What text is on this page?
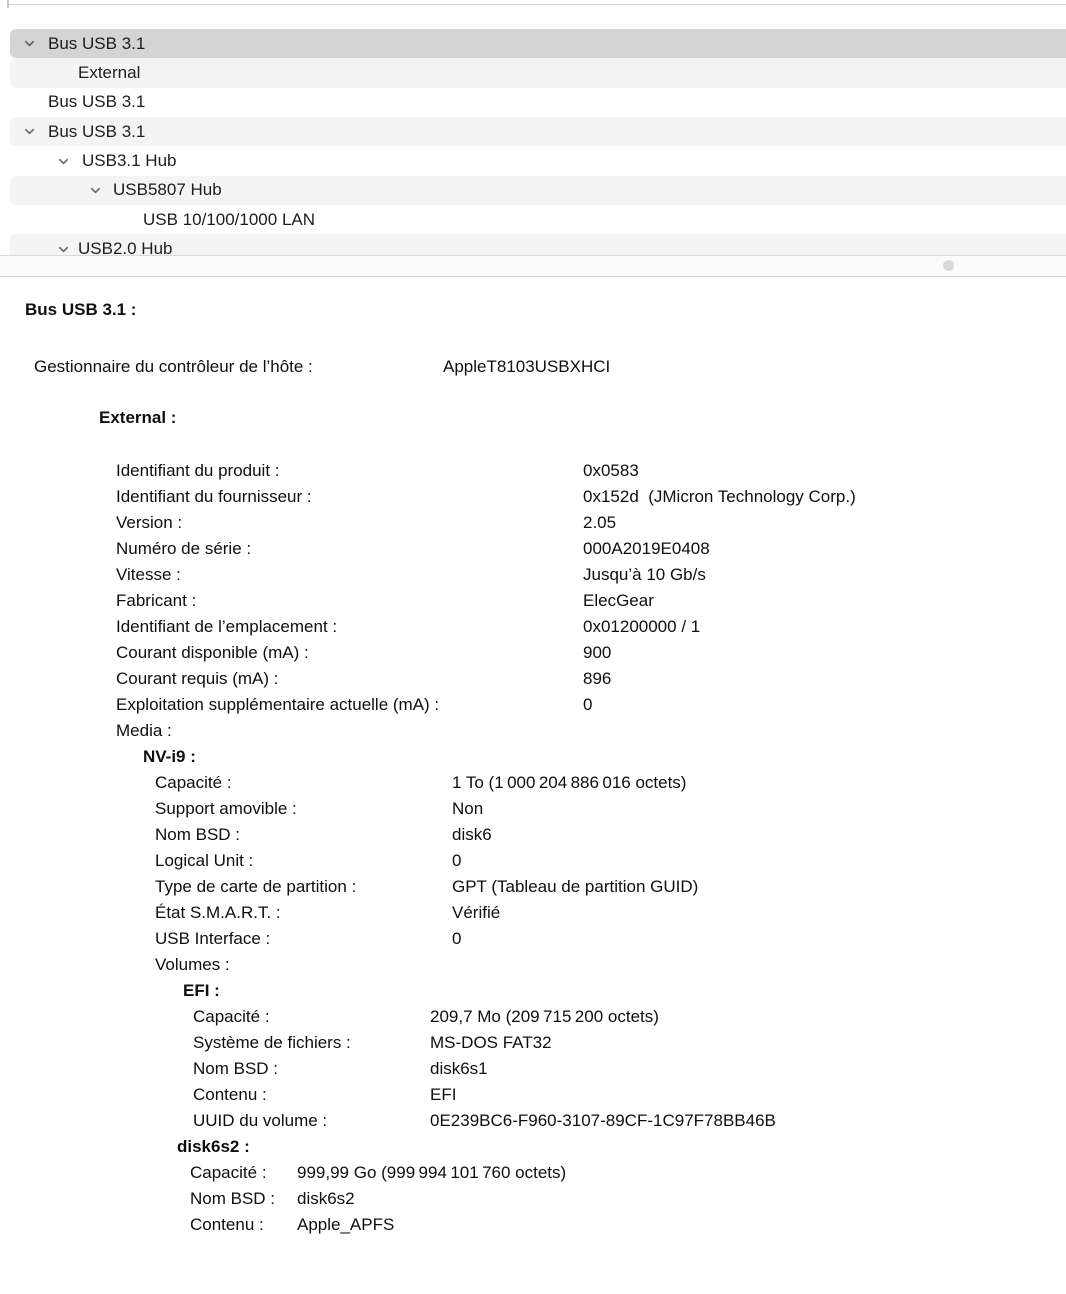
Bus USB 3.1
External
Bus USB 3.1
Bus USB 3.1
USB3.1 Hub
USB5807 Hub
USB 10/100/1000 LAN
USB2.0 Hub
Bus USB 3.1 :
Gestionnaire du contrôleur de l’hôte :	AppleT8103USBXHCI
External :
Identifiant du produit :	0x0583
Identifiant du fournisseur :	0x152d  (JMicron Technology Corp.)
Version :	2.05
Numéro de série :	000A2019E0408
Vitesse :	Jusqu’à 10 Gb/s
Fabricant :	ElecGear
Identifiant de l’emplacement :	0x01200000 / 1
Courant disponible (mA) :	900
Courant requis (mA) :	896
Exploitation supplémentaire actuelle (mA) :	0
Media :
NV-i9 :
Capacité :	1 To (1 000 204 886 016 octets)
Support amovible :	Non
Nom BSD :	disk6
Logical Unit :	0
Type de carte de partition :	GPT (Tableau de partition GUID)
État S.M.A.R.T. :	Vérifié
USB Interface :	0
Volumes :
EFI :
Capacité :	209,7 Mo (209 715 200 octets)
Système de fichiers :	MS-DOS FAT32
Nom BSD :	disk6s1
Contenu :	EFI
UUID du volume :	0E239BC6-F960-3107-89CF-1C97F78BB46B
disk6s2 :
Capacité : 999,99 Go (999 994 101 760 octets)
Nom BSD : disk6s2
Contenu : Apple_APFS
